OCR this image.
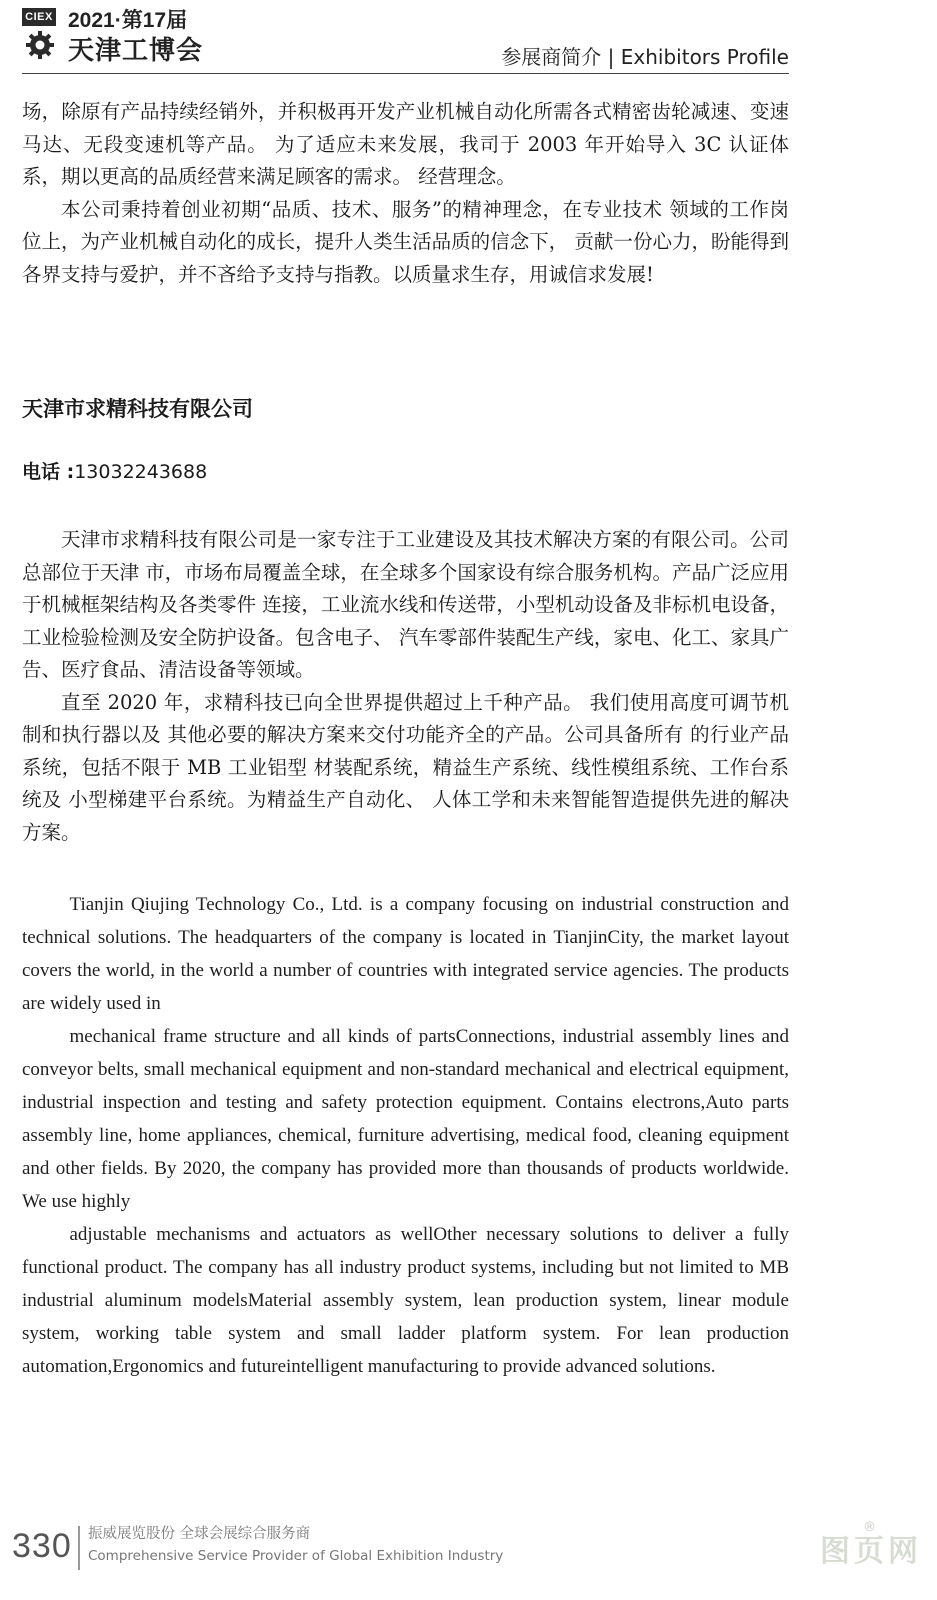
CIEX 2021·第17届
天津工博会	参展商简介 | Exhibitors Profile

场，除原有产品持续经销外，并积极再开发产业机械自动化所需各式精密齿轮减速、变速马达、无段变速机等产品。 为了适应未来发展，我司于 2003 年开始导入 3C 认证体系，期以更高的品质经营来满足顾客的需求。 经营理念。

本公司秉持着创业初期“品质、技术、服务”的精神理念，在专业技术 领域的工作岗位上，为产业机械自动化的成长，提升人类生活品质的信念下， 贡献一份心力，盼能得到各界支持与爱护，并不吝给予支持与指教。以质量求生存，用诚信求发展!

天津市求精科技有限公司

电话 :13032243688

天津市求精科技有限公司是一家专注于工业建设及其技术解决方案的有限公司。公司总部位于天津 市，市场布局覆盖全球，在全球多个国家设有综合服务机构。产品广泛应用于机械框架结构及各类零件 连接，工业流水线和传送带，小型机动设备及非标机电设备，工业检验检测及安全防护设备。包含电子、 汽车零部件装配生产线，家电、化工、家具广告、医疗食品、清洁设备等领域。

直至 2020 年，求精科技已向全世界提供超过上千种产品。 我们使用高度可调节机制和执行器以及 其他必要的解决方案来交付功能齐全的产品。公司具备所有 的行业产品系统，包括不限于 MB 工业铝型 材装配系统，精益生产系统、线性模组系统、工作台系统及 小型梯建平台系统。为精益生产自动化、 人体工学和未来智能智造提供先进的解决方案。

Tianjin Qiujing Technology Co., Ltd. is a company focusing on industrial construction and technical solutions. The headquarters of the company is located in TianjinCity, the market layout covers the world, in the world a number of countries with integrated service agencies. The products are widely used in

mechanical frame structure and all kinds of partsConnections, industrial assembly lines and conveyor belts, small mechanical equipment and non-standard mechanical and electrical equipment, industrial inspection and testing and safety protection equipment. Contains electrons,Auto parts assembly line, home appliances, chemical, furniture advertising, medical food, cleaning equipment and other fields. By 2020, the company has provided more than thousands of products worldwide. We use highly

adjustable mechanisms and actuators as wellOther necessary solutions to deliver a fully functional product. The company has all industry product systems, including but not limited to MB industrial aluminum modelsMaterial assembly system, lean production system, linear module system, working table system and small ladder platform system. For lean production automation,Ergonomics and futureintelligent manufacturing to provide advanced solutions.

330 振威展览股份 全球会展综合服务商
Comprehensive Service Provider of Global Exhibition Industry
®
图页网
